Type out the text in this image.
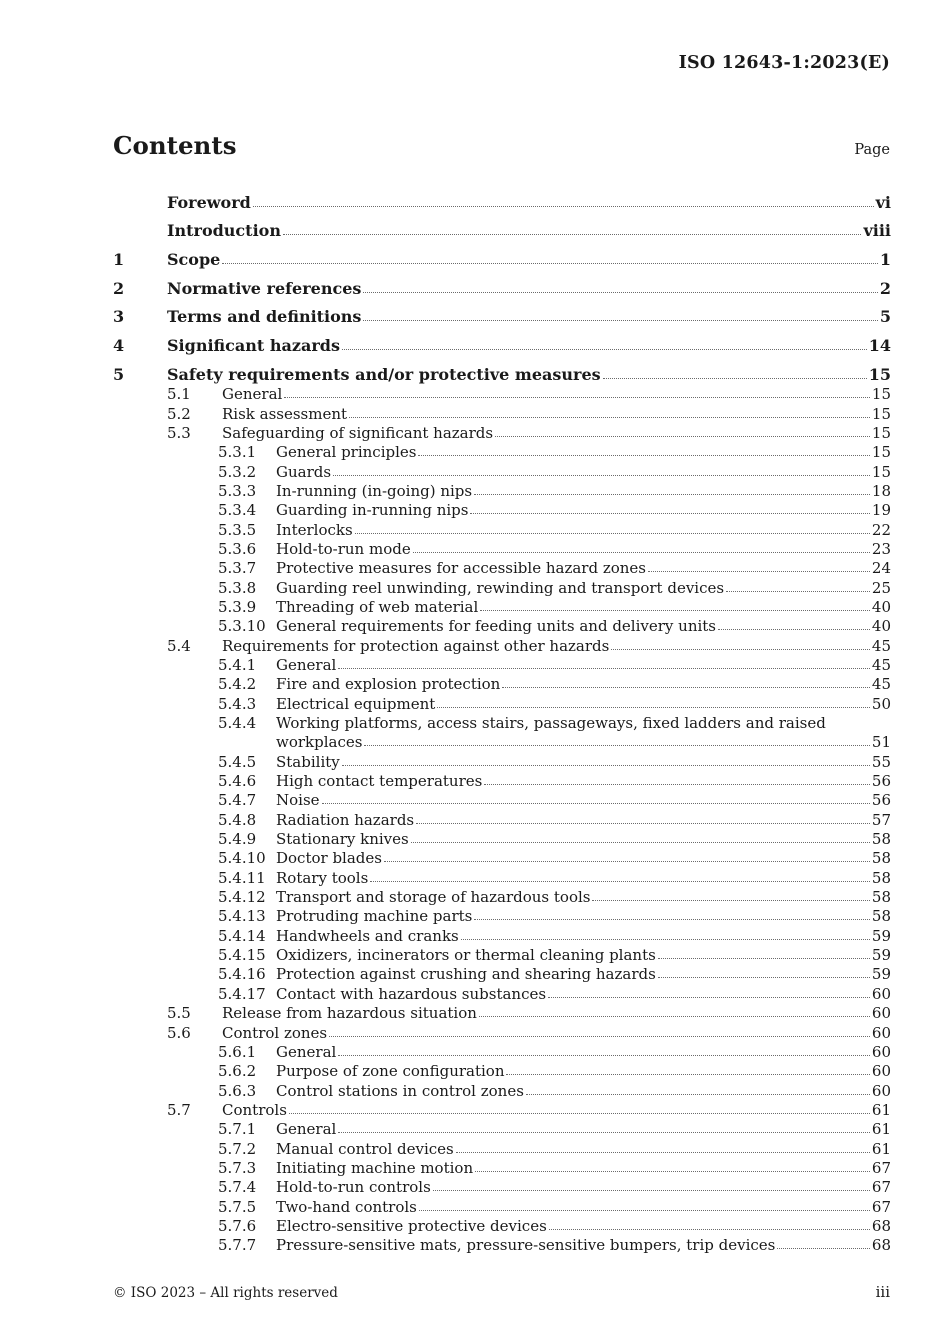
ISO 12643-1:2023(E)
Contents	Page
Foreword	vi
Introduction	viii
1	Scope	1
2	Normative references	2
3	Terms and definitions	5
4	Significant hazards	14
5	Safety requirements and/or protective measures	15
5.1	General	15
5.2	Risk assessment	15
5.3	Safeguarding of significant hazards	15
5.3.1	General principles	15
5.3.2	Guards	15
5.3.3	In-running (in-going) nips	18
5.3.4	Guarding in-running nips	19
5.3.5	Interlocks	22
5.3.6	Hold-to-run mode	23
5.3.7	Protective measures for accessible hazard zones	24
5.3.8	Guarding reel unwinding, rewinding and transport devices	25
5.3.9	Threading of web material	40
5.3.10 General requirements for feeding units and delivery units	40
5.4	Requirements for protection against other hazards	45
5.4.1	General	45
5.4.2	Fire and explosion protection	45
5.4.3	Electrical equipment	50
5.4.4	Working platforms, access stairs, passageways, fixed ladders and raised
workplaces	51
5.4.5	Stability	55
5.4.6	High contact temperatures	56
5.4.7	Noise	56
5.4.8	Radiation hazards	57
5.4.9	Stationary knives	58
5.4.10 Doctor blades	58
5.4.11 Rotary tools	58
5.4.12 Transport and storage of hazardous tools	58
5.4.13 Protruding machine parts	58
5.4.14 Handwheels and cranks	59
5.4.15 Oxidizers, incinerators or thermal cleaning plants	59
5.4.16 Protection against crushing and shearing hazards	59
5.4.17 Contact with hazardous substances	60
5.5	Release from hazardous situation	60
5.6	Control zones	60
5.6.1	General	60
5.6.2	Purpose of zone configuration	60
5.6.3	Control stations in control zones	60
5.7	Controls	61
5.7.1	General	61
5.7.2	Manual control devices	61
5.7.3	Initiating machine motion	67
5.7.4	Hold-to-run controls	67
5.7.5	Two-hand controls	67
5.7.6	Electro-sensitive protective devices	68
5.7.7	Pressure-sensitive mats, pressure-sensitive bumpers, trip devices	68
© ISO 2023 – All rights reserved	iii
